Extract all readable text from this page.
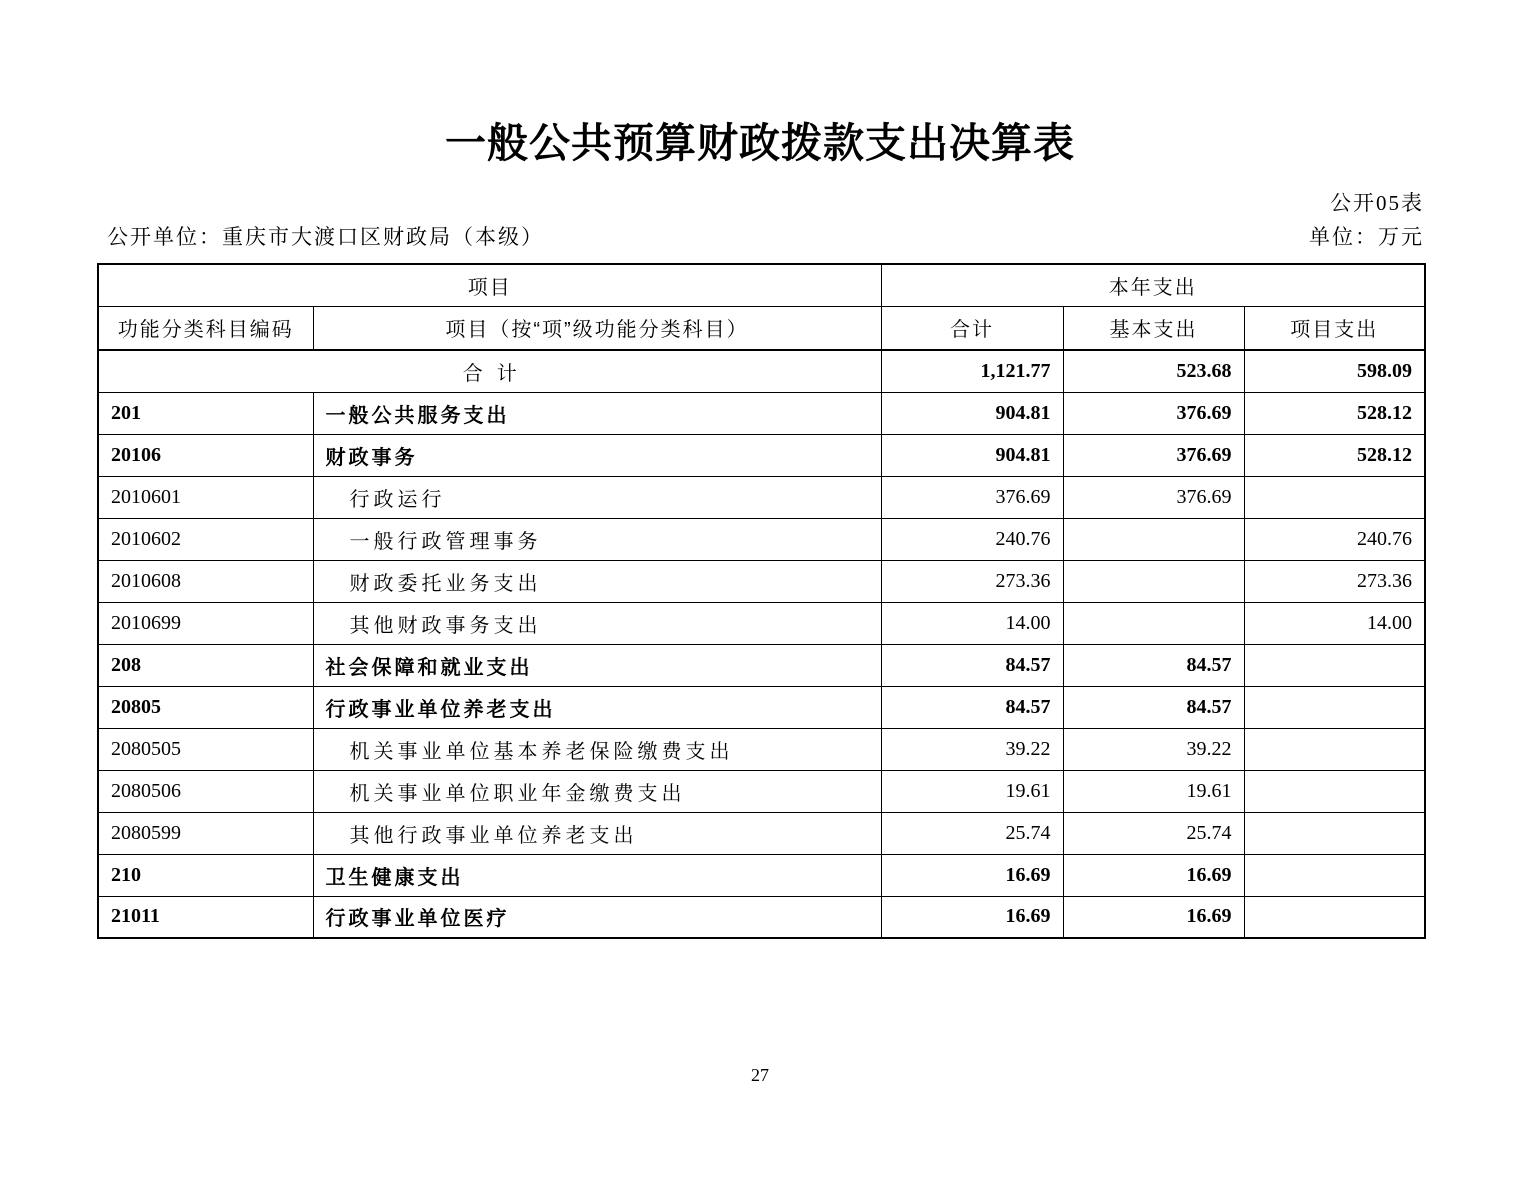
一般公共预算财政拨款支出决算表
公开05表
公开单位：重庆市大渡口区财政局（本级）	单位：万元
项目		本年支出		
功能分类科目编码	项目（按“项”级功能分类科目）	合计	基本支出	项目支出
合计		1,121.77	523.68	598.09
201	一般公共服务支出	904.81	376.69	528.12
20106	财政事务	904.81	376.69	528.12
2010601	行政运行	376.69	376.69	
2010602	一般行政管理事务	240.76		240.76
2010608	财政委托业务支出	273.36		273.36
2010699	其他财政事务支出	14.00		14.00
208	社会保障和就业支出	84.57	84.57	
20805	行政事业单位养老支出	84.57	84.57	
2080505	机关事业单位基本养老保险缴费支出	39.22	39.22	
2080506	机关事业单位职业年金缴费支出	19.61	19.61	
2080599	其他行政事业单位养老支出	25.74	25.74	
210	卫生健康支出	16.69	16.69	
21011	行政事业单位医疗	16.69	16.69	
27
